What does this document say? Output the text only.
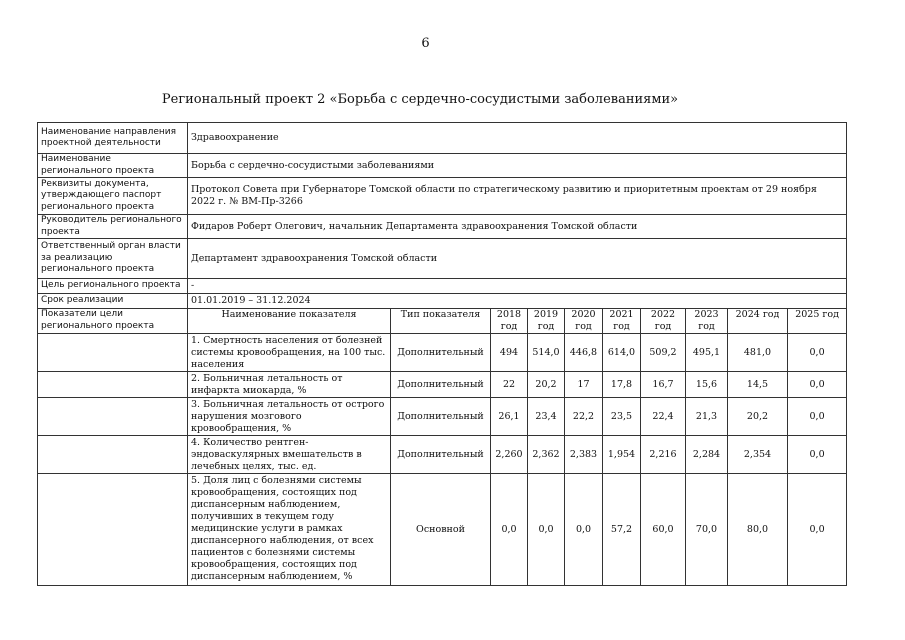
6
Региональный проект 2 «Борьба с сердечно-сосудистыми заболеваниями»
Наименование направления проектной деятельности	Здравоохранение									
Наименование регионального проекта	Борьба с сердечно-сосудистыми заболеваниями									
Реквизиты документа, утверждающего паспорт регионального проекта	Протокол Совета при Губернаторе Томской области по стратегическому развитию и приоритетным проектам от 29 ноября 2022 г. № ВМ-Пр-3266									
Руководитель регионального проекта	Фидаров Роберт Олегович, начальник Департамента здравоохранения Томской области									
Ответственный орган власти за реализацию регионального проекта	Департамент здравоохранения Томской области									
Цель регионального проекта	-									
Срок реализации	01.01.2019 – 31.12.2024									
Показатели цели регионального проекта	Наименование показателя	Тип показателя	2018 год	2019 год	2020 год	2021 год	2022 год	2023 год	2024 год	2025 год
	1. Смертность населения от болезней системы кровообращения, на 100 тыс. населения	Дополнительный	494	514,0	446,8	614,0	509,2	495,1	481,0	0,0
	2. Больничная летальность от инфаркта миокарда, %	Дополнительный	22	20,2	17	17,8	16,7	15,6	14,5	0,0
	3. Больничная летальность от острого нарушения мозгового кровообращения, %	Дополнительный	26,1	23,4	22,2	23,5	22,4	21,3	20,2	0,0
	4. Количество рентген-эндоваскулярных вмешательств в лечебных целях, тыс. ед.	Дополнительный	2,260	2,362	2,383	1,954	2,216	2,284	2,354	0,0
	5. Доля лиц с болезнями системы кровообращения, состоящих под диспансерным наблюдением, получивших в текущем году медицинские услуги в рамках диспансерного наблюдения, от всех пациентов с болезнями системы кровообращения, состоящих под диспансерным наблюдением, %	Основной	0,0	0,0	0,0	57,2	60,0	70,0	80,0	0,0
